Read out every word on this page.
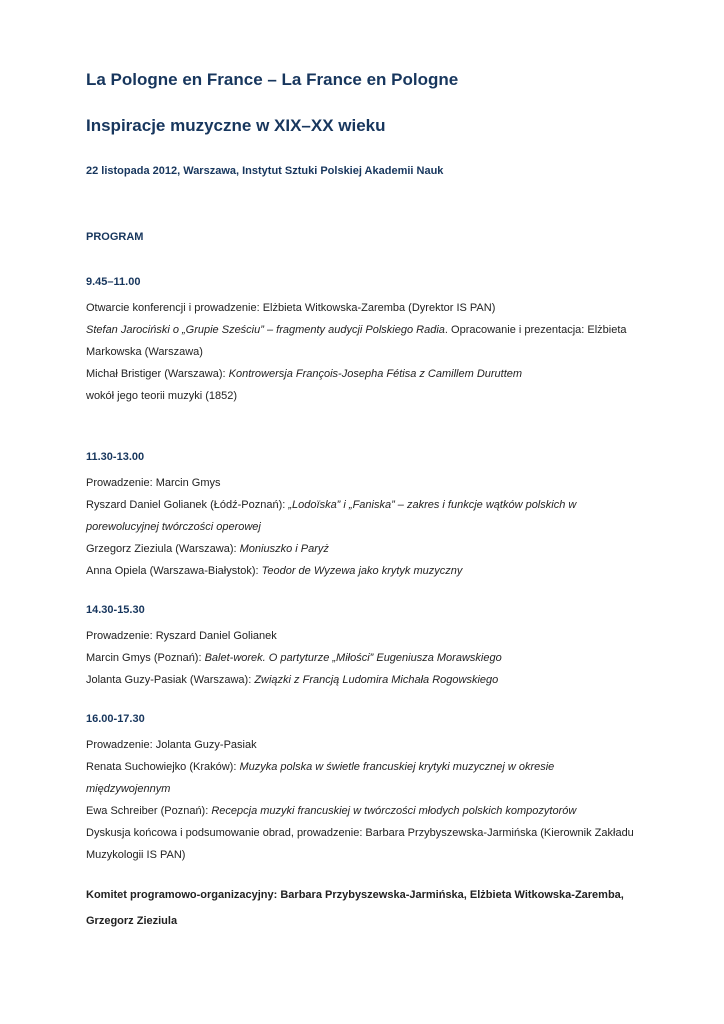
La Pologne en France – La France en Pologne
Inspiracje muzyczne w XIX–XX wieku
22 listopada 2012, Warszawa, Instytut Sztuki Polskiej Akademii Nauk
PROGRAM
9.45–11.00
Otwarcie konferencji i prowadzenie: Elżbieta Witkowska-Zaremba (Dyrektor IS PAN)
Stefan Jarociński o „Grupie Sześciu” – fragmenty audycji Polskiego Radia. Opracowanie i prezentacja: Elżbieta
Markowska (Warszawa)
Michał Bristiger (Warszawa): Kontrowersja François-Josepha Fétisa z Camillem Duruttem
wokół jego teorii muzyki (1852)
11.30-13.00
Prowadzenie: Marcin Gmys
Ryszard Daniel Golianek (Łódź-Poznań): „Lodoïska” i „Faniska” – zakres i funkcje wątków polskich w
porewolucyjnej twórczości operowej
Grzegorz Zieziula (Warszawa): Moniuszko i Paryż
Anna Opiela (Warszawa-Białystok): Teodor de Wyzewa jako krytyk muzyczny
14.30-15.30
Prowadzenie: Ryszard Daniel Golianek
Marcin Gmys (Poznań): Balet-worek. O partyturze „Miłości” Eugeniusza Morawskiego
Jolanta Guzy-Pasiak (Warszawa): Związki z Francją Ludomira Michała Rogowskiego
16.00-17.30
Prowadzenie: Jolanta Guzy-Pasiak
Renata Suchowiejko (Kraków): Muzyka polska w świetle francuskiej krytyki muzycznej w okresie
międzywojennym
Ewa Schreiber (Poznań): Recepcja muzyki francuskiej w twórczości młodych polskich kompozytorów
Dyskusja końcowa i podsumowanie obrad, prowadzenie: Barbara Przybyszewska-Jarmińska (Kierownik Zakładu
Muzykologii IS PAN)
Komitet programowo-organizacyjny: Barbara Przybyszewska-Jarmińska, Elżbieta Witkowska-Zaremba,
Grzegorz Zieziula
